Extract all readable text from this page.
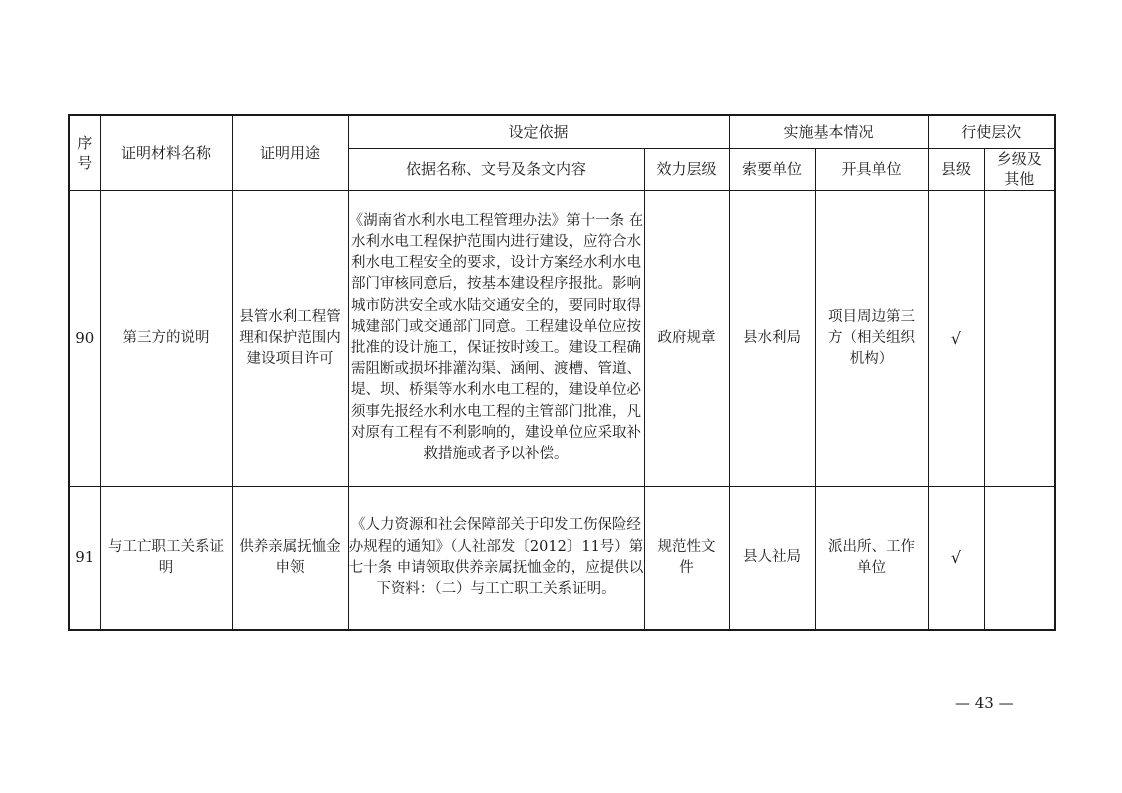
序号	证明材料名称	证明用途	设定依据		实施基本情况		行使层次	
			依据名称、文号及条文内容	效力层级	索要单位	开具单位	县级	乡级及其他
90	第三方的说明	县管水利工程管理和保护范围内建设项目许可	《湖南省水利水电工程管理办法》第十一条 在水利水电工程保护范围内进行建设，应符合水利水电工程安全的要求，设计方案经水利水电部门审核同意后，按基本建设程序报批。影响城市防洪安全或水陆交通安全的，要同时取得城建部门或交通部门同意。工程建设单位应按批准的设计施工，保证按时竣工。建设工程确需阻断或损坏排灌沟渠、涵闸、渡槽、管道、堤、坝、桥渠等水利水电工程的，建设单位必须事先报经水利水电工程的主管部门批准，凡对原有工程有不利影响的，建设单位应采取补救措施或者予以补偿。	政府规章	县水利局	项目周边第三方（相关组织机构）	√	
91	与工亡职工关系证明	供养亲属抚恤金申领	《人力资源和社会保障部关于印发工伤保险经办规程的通知》（人社部发〔2012〕11号）第七十条 申请领取供养亲属抚恤金的，应提供以下资料：（二）与工亡职工关系证明。	规范性文件	县人社局	派出所、工作单位	√	
— 43 —
